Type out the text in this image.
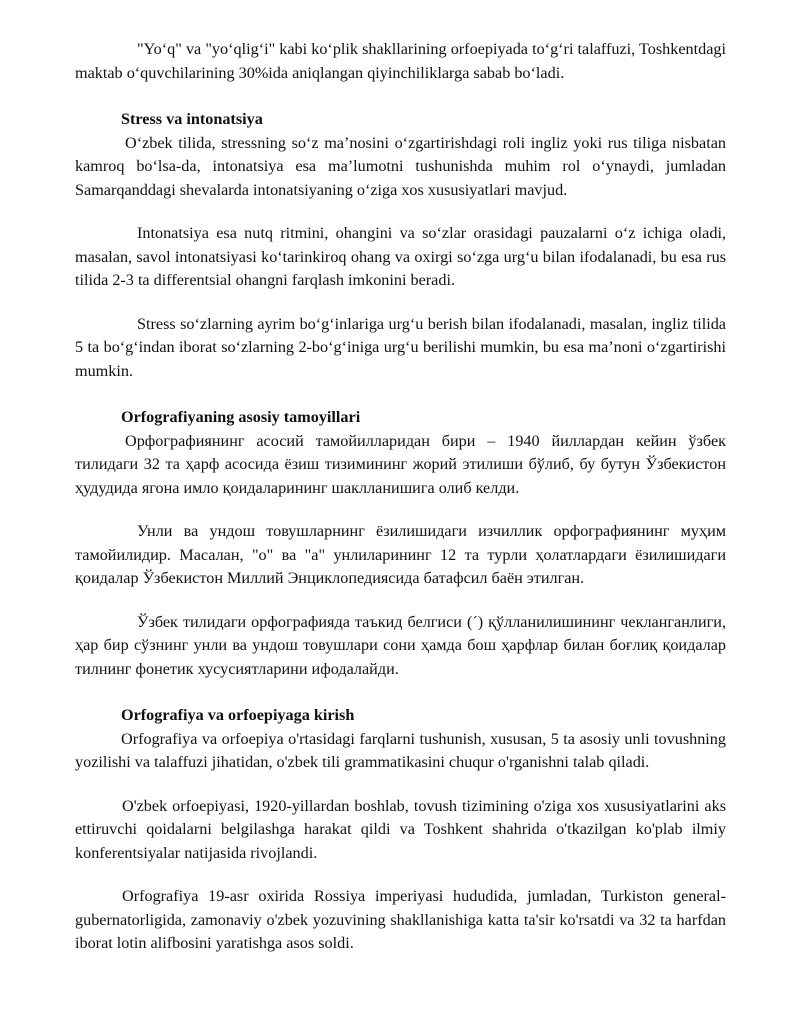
"Yo‘q" va "yo‘qlig‘i" kabi ko‘plik shakllarining orfoepiyada to‘g‘ri talaffuzi, Toshkentdagi maktab o‘quvchilarining 30%ida aniqlangan qiyinchiliklarga sabab bo‘ladi.

Stress va intonatsiya

O‘zbek tilida, stressning so‘z ma’nosini o‘zgartirishdagi roli ingliz yoki rus tiliga nisbatan kamroq bo‘lsa-da, intonatsiya esa ma’lumotni tushunishda muhim rol o‘ynaydi, jumladan Samarqanddagi shevalarda intonatsiyaning o‘ziga xos xususiyatlari mavjud.

Intonatsiya esa nutq ritmini, ohangini va so‘zlar orasidagi pauzalarni o‘z ichiga oladi, masalan, savol intonatsiyasi ko‘tarinkiroq ohang va oxirgi so‘zga urg‘u bilan ifodalanadi, bu esa rus tilida 2-3 ta differentsial ohangni farqlash imkonini beradi.

Stress so‘zlarning ayrim bo‘g‘inlariga urg‘u berish bilan ifodalanadi, masalan, ingliz tilida 5 ta bo‘g‘indan iborat so‘zlarning 2-bo‘g‘iniga urg‘u berilishi mumkin, bu esa ma’noni o‘zgartirishi mumkin.

Orfografiyaning asosiy tamoyillari

Орфографиянинг асосий тамойилларидан бири – 1940 йиллардан кейин ўзбек тилидаги 32 та ҳарф асосида ёзиш тизимининг жорий этилиши бўлиб, бу бутун Ўзбекистон ҳудудида ягона имло қоидаларининг шаклланишига олиб келди.

Унли ва ундош товушларнинг ёзилишидаги изчиллик орфографиянинг муҳим тамойилидир. Масалан, "о" ва "а" унлиларининг 12 та турли ҳолатлардаги ёзилишидаги қоидалар Ўзбекистон Миллий Энциклопедиясида батафсил баён этилган.

Ўзбек тилидаги орфографияда таъкид белгиси (´) қўлланилишининг чекланганлиги, ҳар бир сўзнинг унли ва ундош товушлари сони ҳамда бош ҳарфлар билан боғлиқ қоидалар тилнинг фонетик хусусиятларини ифодалайди.

Orfografiya va orfoepiyaga kirish

Orfografiya va orfoepiya o'rtasidagi farqlarni tushunish, xususan, 5 ta asosiy unli tovushning yozilishi va talaffuzi jihatidan, o'zbek tili grammatikasini chuqur o'rganishni talab qiladi.

O'zbek orfoepiyasi, 1920-yillardan boshlab, tovush tizimining o'ziga xos xususiyatlarini aks ettiruvchi qoidalarni belgilashga harakat qildi va Toshkent shahrida o'tkazilgan ko'plab ilmiy konferentsiyalar natijasida rivojlandi.

Orfografiya 19-asr oxirida Rossiya imperiyasi hududida, jumladan, Turkiston general-gubernatorligida, zamonaviy o'zbek yozuvining shakllanishiga katta ta'sir ko'rsatdi va 32 ta harfdan iborat lotin alifbosini yaratishga asos soldi.
